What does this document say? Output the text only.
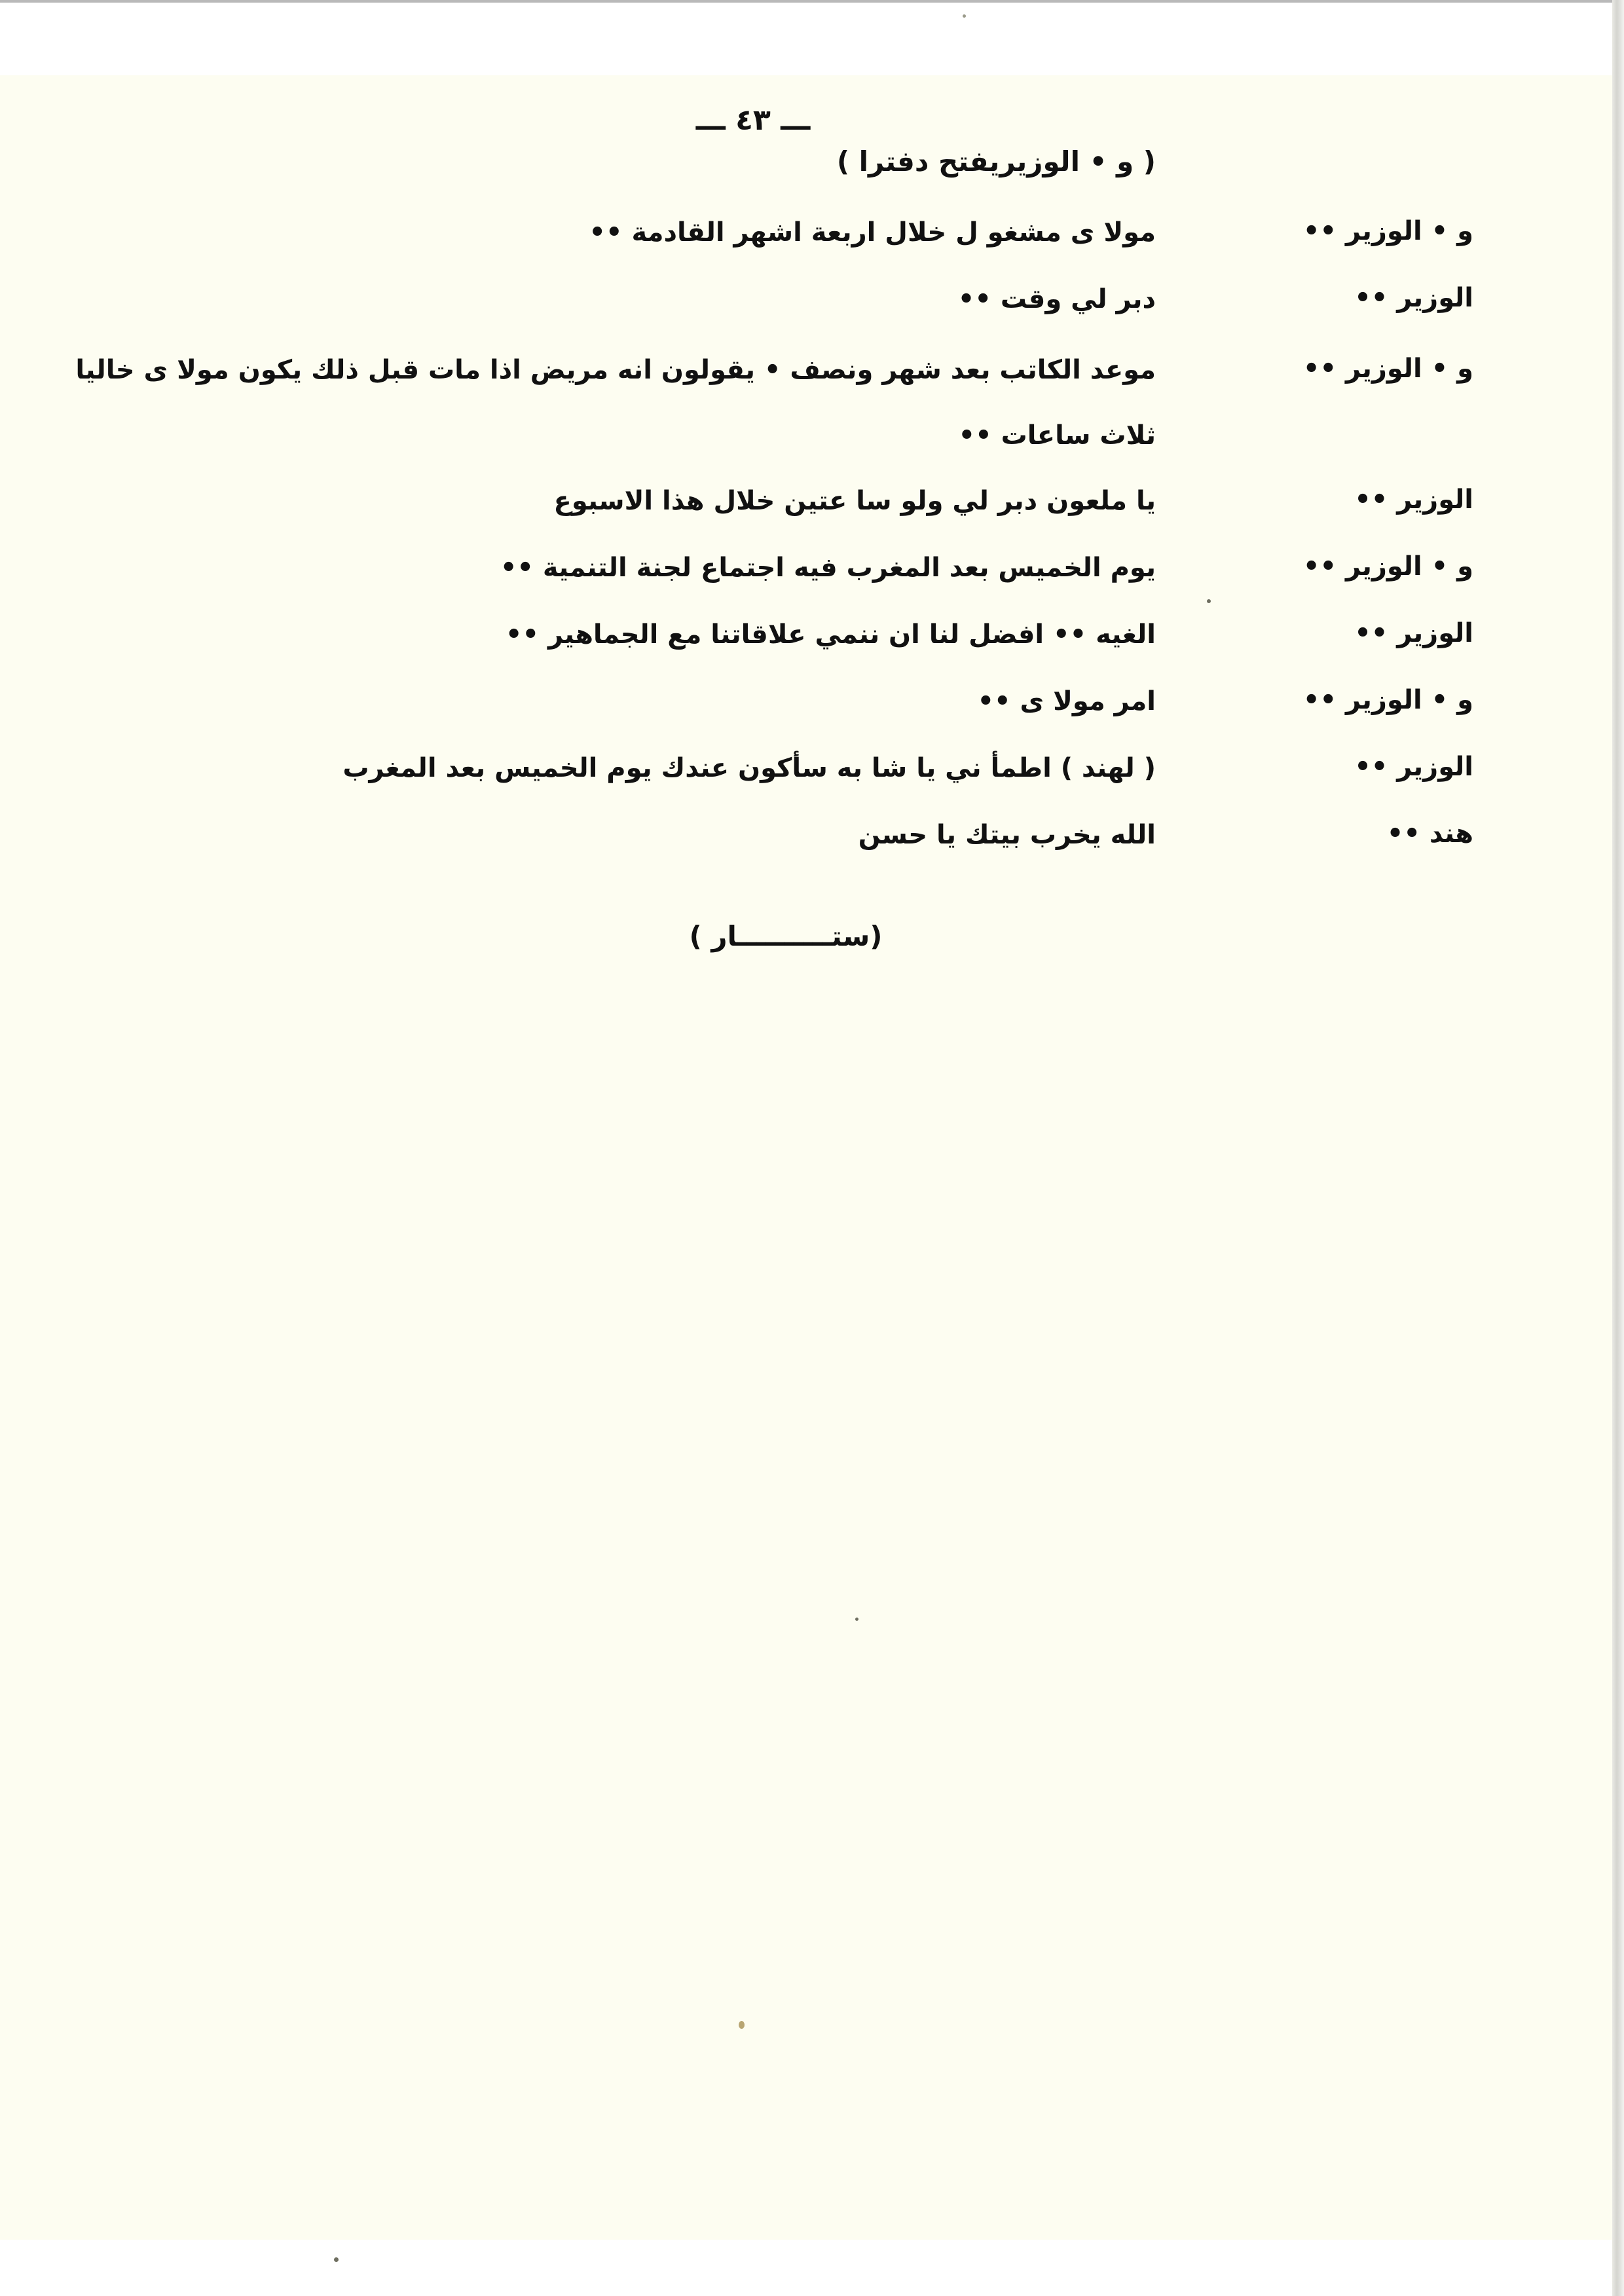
ـــ ٤٣ ـــ
( و • الوزيريفتح دفترا )
و • الوزير ••
مولا ى مشغو ل خلال اربعة اشهر القادمة ••
الوزير ••
دبر لي وقت ••
و • الوزير ••
موعد الكاتب بعد شهر ونصف • يقولون انه مريض اذا مات قبل ذلك يكون مولا ى خاليا ثلاث ساعات ••
الوزير ••
يا ملعون دبر لي ولو سا عتين خلال هذا الاسبوع
و • الوزير ••
يوم الخميس بعد المغرب فيه اجتماع لجنة التنمية ••
الوزير ••
الغيه •• افضل لنا ان ننمي علاقاتنا مع الجماهير ••
و • الوزير ••
امر مولا ى ••
الوزير ••
( لهند ) اطمأ ني يا شا به سأكون عندك يوم الخميس بعد المغرب
هند ••
الله يخرب بيتك يا حسن
(ستــــــــــار )
